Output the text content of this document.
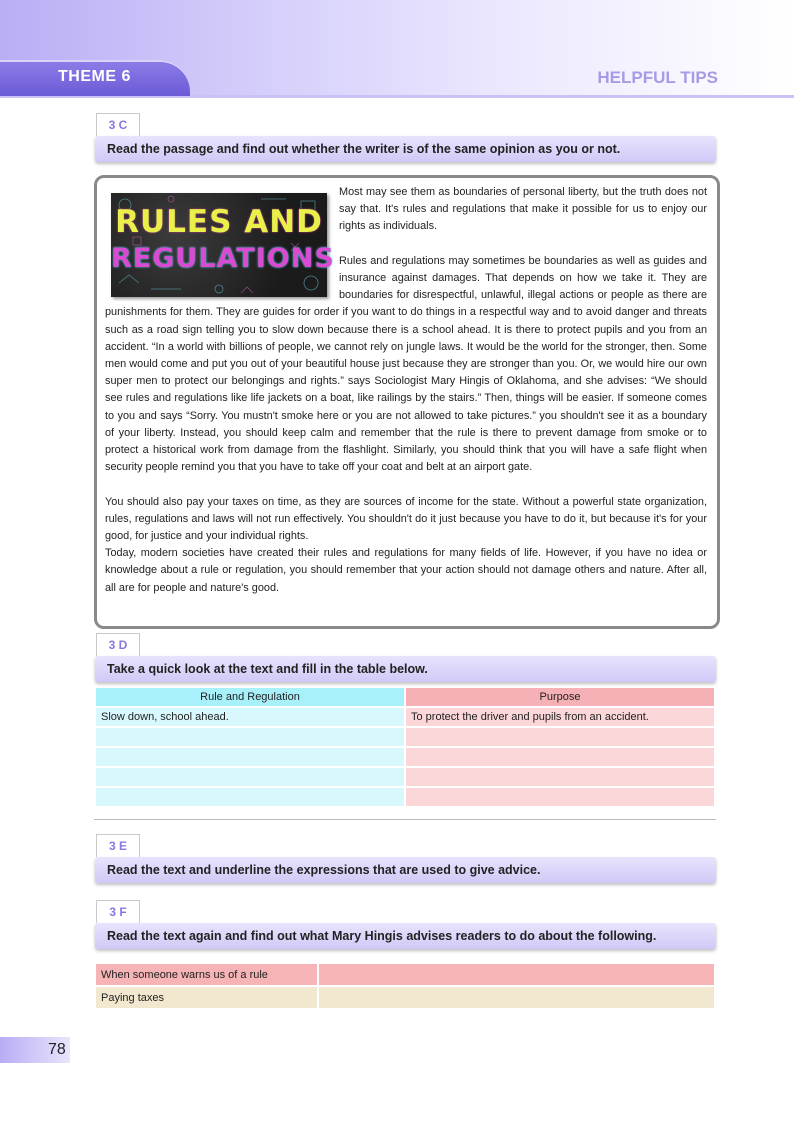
THEME 6	HELPFUL TIPS
3 C
Read the passage and find out whether the writer is of the same opinion as you or not.
RULES AND
REGULATIONS

Most may see them as boundaries of personal liberty, but the truth does not say that. It's rules and regulations that make it possible for us to enjoy our rights as individuals.

Rules and regulations may sometimes be boundaries as well as guides and insurance against damages. That depends on how we take it. They are boundaries for disrespectful, unlawful, illegal actions or people as there are punishments for them. They are guides for order if you want to do things in a respectful way and to avoid danger and threats such as a road sign telling you to slow down because there is a school ahead. It is there to protect pupils and you from an accident. “In a world with billions of people, we cannot rely on jungle laws. It would be the world for the stronger, then. Some men would come and put you out of your beautiful house just because they are stronger than you. Or, we would hire our own super men to protect our belongings and rights.” says Sociologist Mary Hingis of Oklahoma, and she advises: “We should see rules and regulations like life jackets on a boat, like railings by the stairs.” Then, things will be easier. If someone comes to you and says “Sorry. You mustn't smoke here or you are not allowed to take pictures.” you shouldn't see it as a boundary of your liberty. Instead, you should keep calm and remember that the rule is there to prevent damage from smoke or to protect a historical work from damage from the flashlight. Similarly, you should think that you will have a safe flight when security people remind you that you have to take off your coat and belt at an airport gate.

You should also pay your taxes on time, as they are sources of income for the state. Without a powerful state organization, rules, regulations and laws will not run effectively. You shouldn't do it just because you have to do it, but because it's for your good, for justice and your individual rights.

Today, modern societies have created their rules and regulations for many fields of life. However, if you have no idea or knowledge about a rule or regulation, you should remember that your action should not damage others and nature. After all, all are for people and nature's good.

3 D
Take a quick look at the text and fill in the table below.
Rule and Regulation	Purpose
Slow down, school ahead.	To protect the driver and pupils from an accident.

3 E
Read the text and underline the expressions that are used to give advice.
3 F
Read the text again and find out what Mary Hingis advises readers to do about the following.
When someone warns us of a rule	
Paying taxes	
78
